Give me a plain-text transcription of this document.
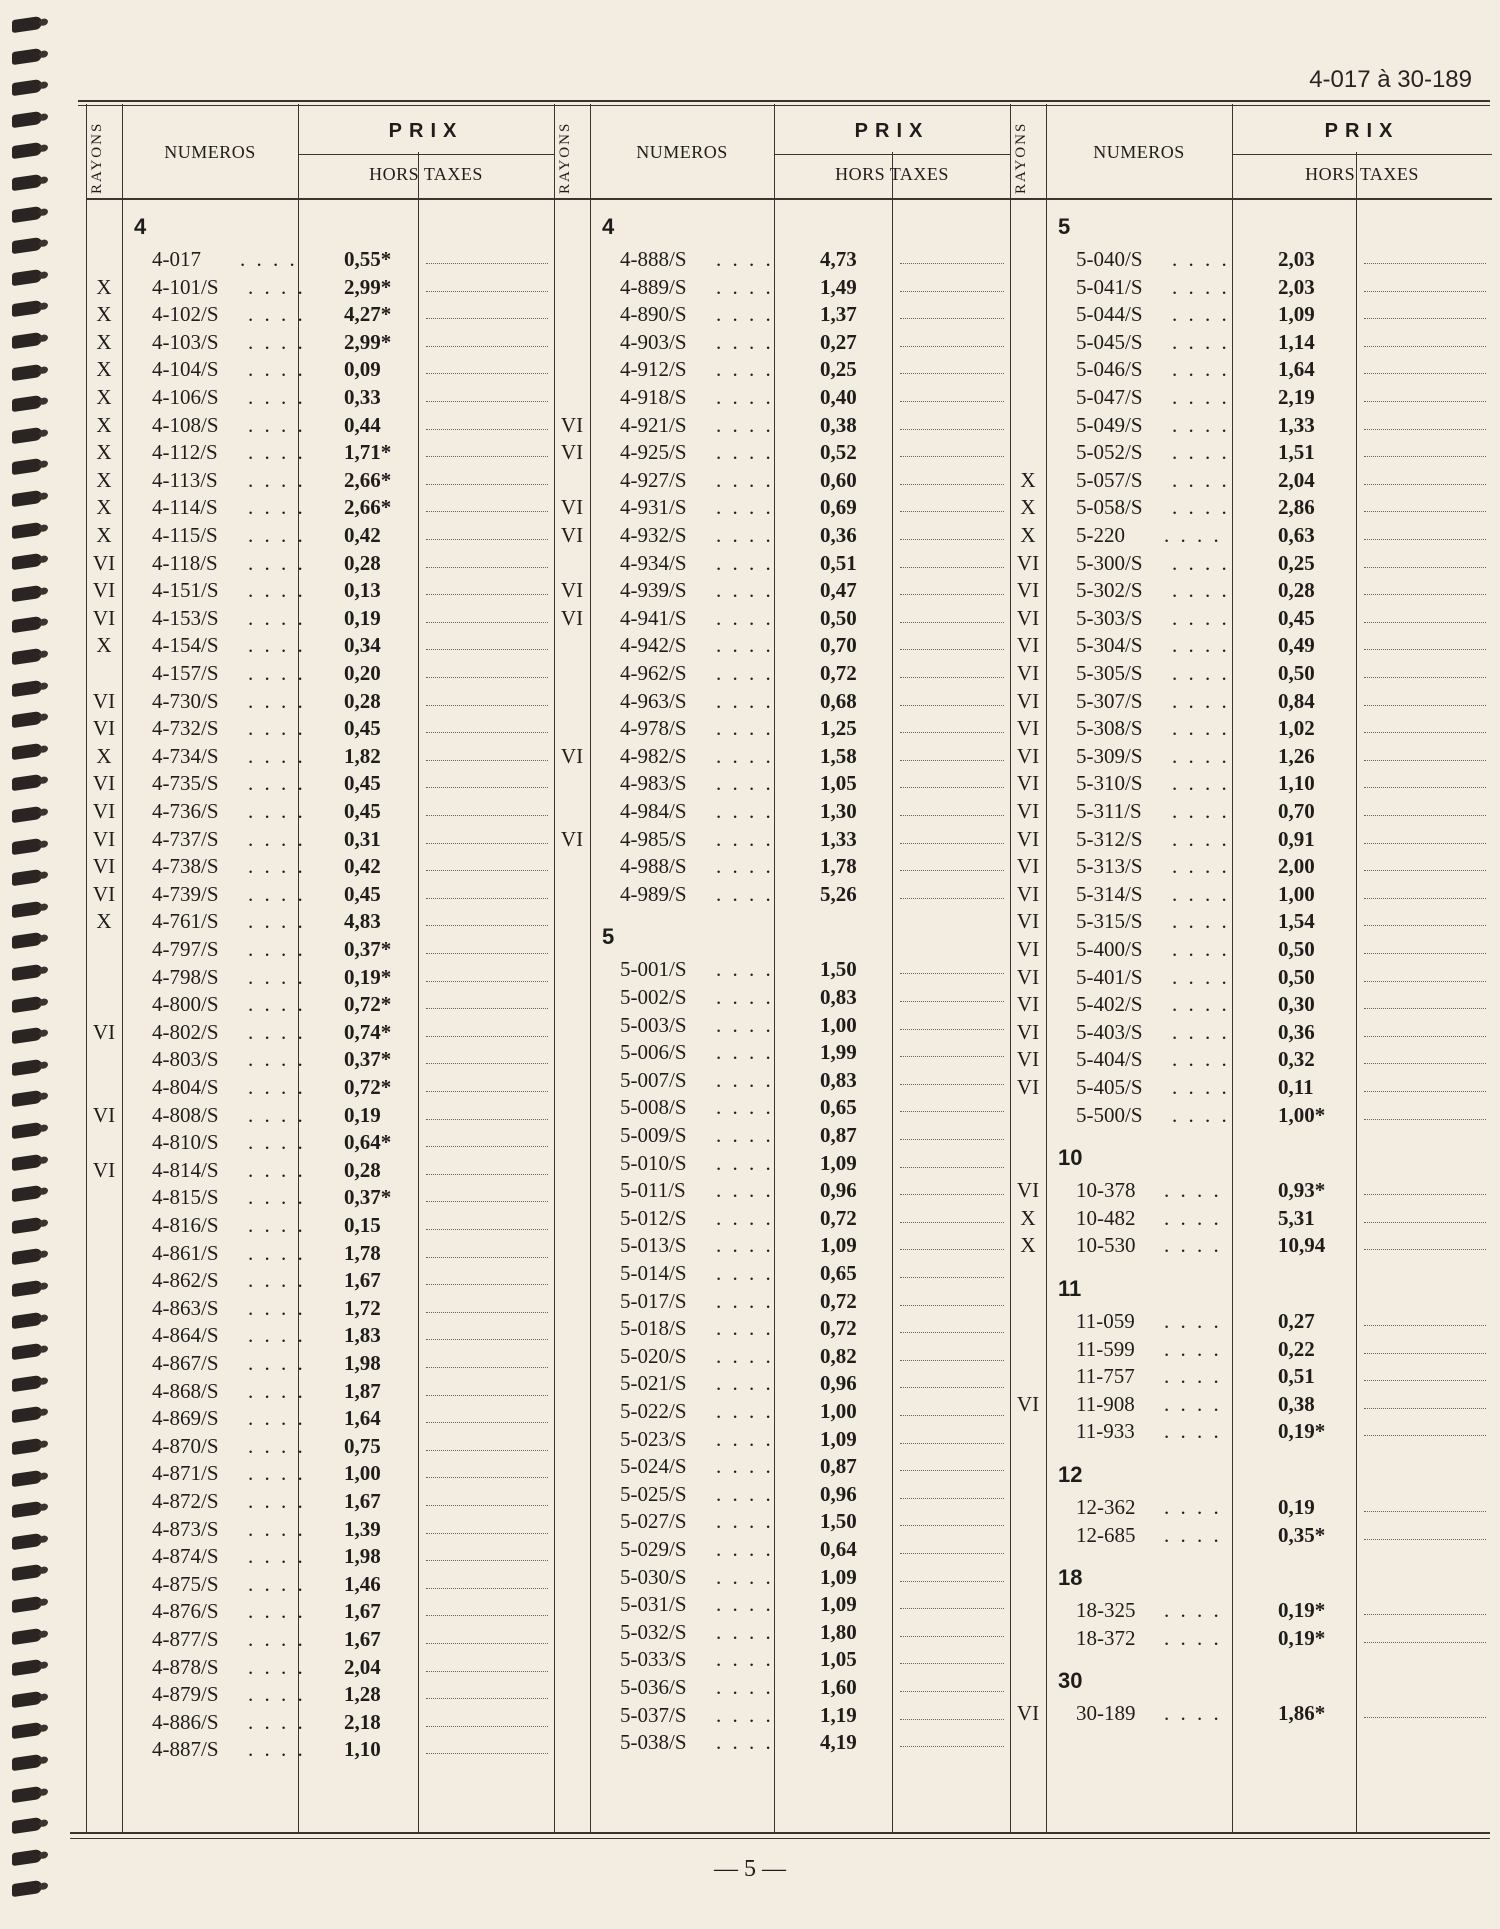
4-017 à 30-189
RAYONS	NUMEROS
PRIX
HORS TAXES
4
4-017 . . . .	0,55*
X	4-101/S . . . .	2,99*
X	4-102/S . . . .	4,27*
X	4-103/S . . . .	2,99*
X	4-104/S . . . .	0,09
X	4-106/S . . . .	0,33
X	4-108/S . . . .	0,44
X	4-112/S . . . .	1,71*
X	4-113/S . . . .	2,66*
X	4-114/S . . . .	2,66*
X	4-115/S . . . .	0,42
VI	4-118/S . . . .	0,28
VI	4-151/S . . . .	0,13
VI	4-153/S . . . .	0,19
X	4-154/S . . . .	0,34
4-157/S . . . .	0,20
VI	4-730/S . . . .	0,28
VI	4-732/S . . . .	0,45
X	4-734/S . . . .	1,82
VI	4-735/S . . . .	0,45
VI	4-736/S . . . .	0,45
VI	4-737/S . . . .	0,31
VI	4-738/S . . . .	0,42
VI	4-739/S . . . .	0,45
X	4-761/S . . . .	4,83
4-797/S . . . .	0,37*
4-798/S . . . .	0,19*
4-800/S . . . .	0,72*
VI	4-802/S . . . .	0,74*
4-803/S . . . .	0,37*
4-804/S . . . .	0,72*
VI	4-808/S . . . .	0,19
4-810/S . . . .	0,64*
VI	4-814/S . . . .	0,28
4-815/S . . . .	0,37*
4-816/S . . . .	0,15
4-861/S . . . .	1,78
4-862/S . . . .	1,67
4-863/S . . . .	1,72
4-864/S . . . .	1,83
4-867/S . . . .	1,98
4-868/S . . . .	1,87
4-869/S . . . .	1,64
4-870/S . . . .	0,75
4-871/S . . . .	1,00
4-872/S . . . .	1,67
4-873/S . . . .	1,39
4-874/S . . . .	1,98
4-875/S . . . .	1,46
4-876/S . . . .	1,67
4-877/S . . . .	1,67
4-878/S . . . .	2,04
4-879/S . . . .	1,28
4-886/S . . . .	2,18
4-887/S . . . .	1,10
RAYONS	NUMEROS
PRIX
HORS TAXES
4
4-888/S . . . .	4,73
4-889/S . . . .	1,49
4-890/S . . . .	1,37
4-903/S . . . .	0,27
4-912/S . . . .	0,25
4-918/S . . . .	0,40
VI	4-921/S . . . .	0,38
VI	4-925/S . . . .	0,52
4-927/S . . . .	0,60
VI	4-931/S . . . .	0,69
VI	4-932/S . . . .	0,36
4-934/S . . . .	0,51
VI	4-939/S . . . .	0,47
VI	4-941/S . . . .	0,50
4-942/S . . . .	0,70
4-962/S . . . .	0,72
4-963/S . . . .	0,68
4-978/S . . . .	1,25
VI	4-982/S . . . .	1,58
4-983/S . . . .	1,05
4-984/S . . . .	1,30
VI	4-985/S . . . .	1,33
4-988/S . . . .	1,78
4-989/S . . . .	5,26
5
5-001/S . . . .	1,50
5-002/S . . . .	0,83
5-003/S . . . .	1,00
5-006/S . . . .	1,99
5-007/S . . . .	0,83
5-008/S . . . .	0,65
5-009/S . . . .	0,87
5-010/S . . . .	1,09
5-011/S . . . .	0,96
5-012/S . . . .	0,72
5-013/S . . . .	1,09
5-014/S . . . .	0,65
5-017/S . . . .	0,72
5-018/S . . . .	0,72
5-020/S . . . .	0,82
5-021/S . . . .	0,96
5-022/S . . . .	1,00
5-023/S . . . .	1,09
5-024/S . . . .	0,87
5-025/S . . . .	0,96
5-027/S . . . .	1,50
5-029/S . . . .	0,64
5-030/S . . . .	1,09
5-031/S . . . .	1,09
5-032/S . . . .	1,80
5-033/S . . . .	1,05
5-036/S . . . .	1,60
5-037/S . . . .	1,19
5-038/S . . . .	4,19
RAYONS	NUMEROS
PRIX
HORS TAXES
5
5-040/S . . . .	2,03
5-041/S . . . .	2,03
5-044/S . . . .	1,09
5-045/S . . . .	1,14
5-046/S . . . .	1,64
5-047/S . . . .	2,19
5-049/S . . . .	1,33
5-052/S . . . .	1,51
X	5-057/S . . . .	2,04
X	5-058/S . . . .	2,86
X	5-220 . . . .	0,63
VI	5-300/S . . . .	0,25
VI	5-302/S . . . .	0,28
VI	5-303/S . . . .	0,45
VI	5-304/S . . . .	0,49
VI	5-305/S . . . .	0,50
VI	5-307/S . . . .	0,84
VI	5-308/S . . . .	1,02
VI	5-309/S . . . .	1,26
VI	5-310/S . . . .	1,10
VI	5-311/S . . . .	0,70
VI	5-312/S . . . .	0,91
VI	5-313/S . . . .	2,00
VI	5-314/S . . . .	1,00
VI	5-315/S . . . .	1,54
VI	5-400/S . . . .	0,50
VI	5-401/S . . . .	0,50
VI	5-402/S . . . .	0,30
VI	5-403/S . . . .	0,36
VI	5-404/S . . . .	0,32
VI	5-405/S . . . .	0,11
5-500/S . . . .	1,00*
10
VI	10-378 . . . .	0,93*
X	10-482 . . . .	5,31
X	10-530 . . . .	10,94
11
11-059 . . . .	0,27
11-599 . . . .	0,22
11-757 . . . .	0,51
VI	11-908 . . . .	0,38
11-933 . . . .	0,19*
12
12-362 . . . .	0,19
12-685 . . . .	0,35*
18
18-325 . . . .	0,19*
18-372 . . . .	0,19*
30
VI	30-189 . . . .	1,86*
— 5 —
